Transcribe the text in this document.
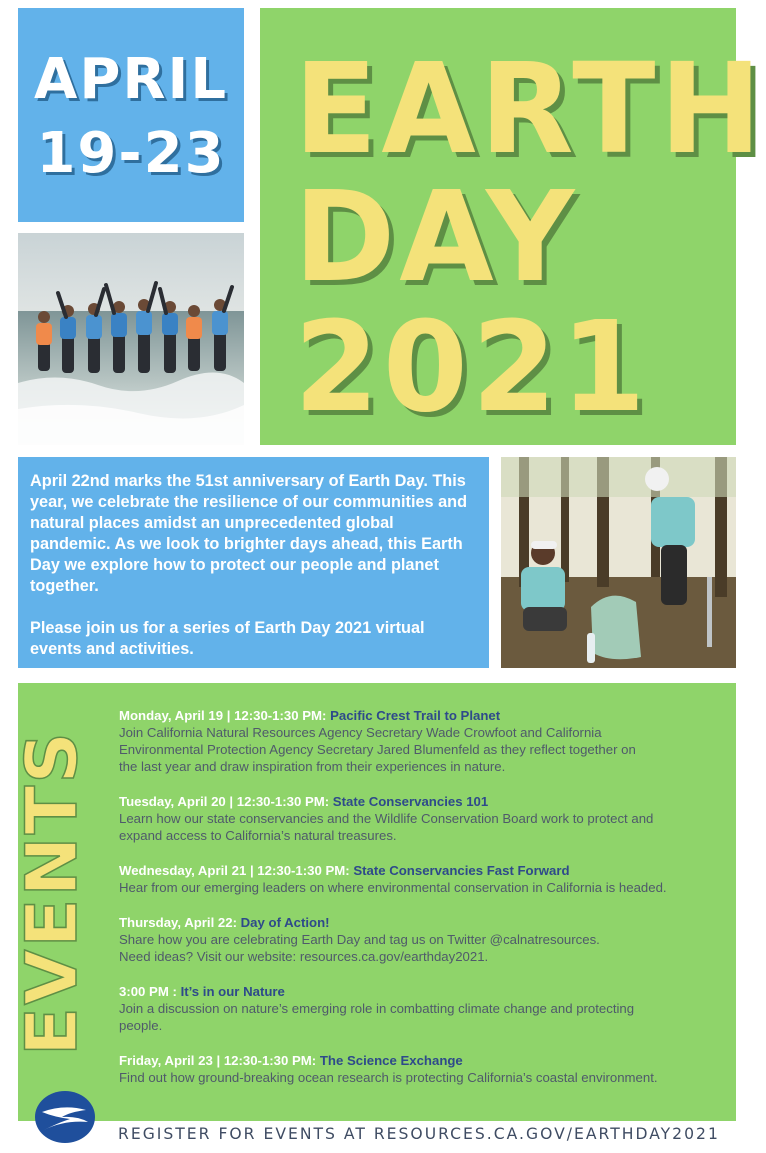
APRIL
19-23 EARTH
DAY
2021

April 22nd marks the 51st anniversary of Earth Day. This year, we celebrate the resilience of our communities and natural places amidst an unprecedented global pandemic. As we look to brighter days ahead, this Earth Day we explore how to protect our people and planet together.

Please join us for a series of Earth Day 2021 virtual events and activities.

EVENTS
Monday, April 19 | 12:30-1:30 PM: Pacific Crest Trail to Planet
Join California Natural Resources Agency Secretary Wade Crowfoot and California
Environmental Protection Agency Secretary Jared Blumenfeld as they reflect together on
the last year and draw inspiration from their experiences in nature.
Tuesday, April 20 | 12:30-1:30 PM: State Conservancies 101
Learn how our state conservancies and the Wildlife Conservation Board work to protect and
expand access to California’s natural treasures.
Wednesday, April 21 | 12:30-1:30 PM: State Conservancies Fast Forward
Hear from our emerging leaders on where environmental conservation in California is headed.
Thursday, April 22: Day of Action!
Share how you are celebrating Earth Day and tag us on Twitter @calnatresources.
Need ideas? Visit our website: resources.ca.gov/earthday2021.
3:00 PM : It’s in our Nature
Join a discussion on nature’s emerging role in combatting climate change and protecting
people.
Friday, April 23 | 12:30-1:30 PM: The Science Exchange
Find out how ground-breaking ocean research is protecting California’s coastal environment.
REGISTER FOR EVENTS AT RESOURCES.CA.GOV/EARTHDAY2021
